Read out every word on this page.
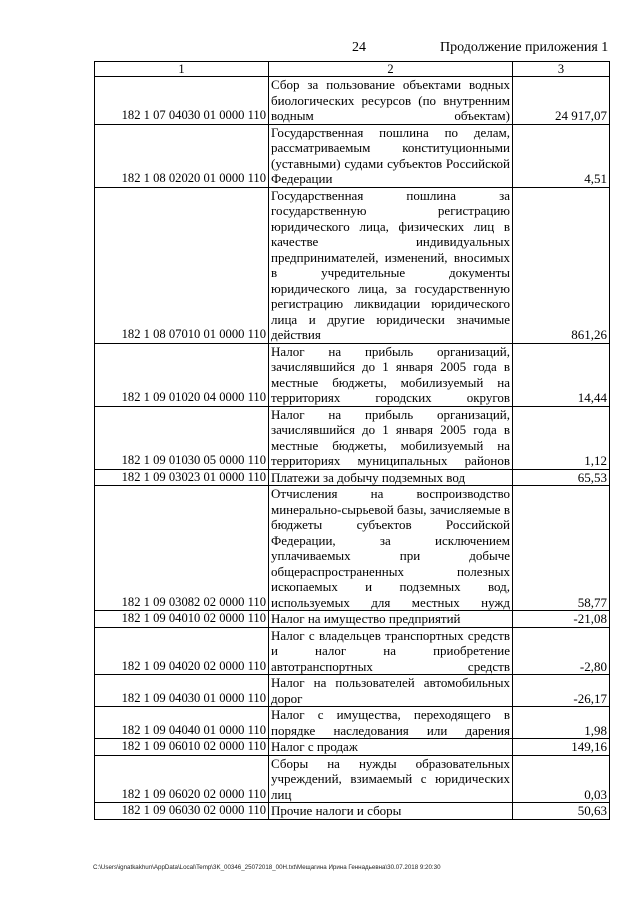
24	Продолжение приложения 1
1	2	3
182 1 07 04030 01 0000 110	Сбор за пользование объектами водных биологических ресурсов (по внутренним водным объектам)	24 917,07
182 1 08 02020 01 0000 110	Государственная пошлина по делам, рассматриваемым конституционными (уставными) судами субъектов Российской Федерации	4,51
182 1 08 07010 01 0000 110	Государственная пошлина за государственную регистрацию юридического лица, физических лиц в качестве индивидуальных предпринимателей, изменений, вносимых в учредительные документы юридического лица, за государственную регистрацию ликвидации юридического лица и другие юридически значимые действия	861,26
182 1 09 01020 04 0000 110	Налог на прибыль организаций, зачислявшийся до 1 января 2005 года в местные бюджеты, мобилизуемый на территориях городских округов	14,44
182 1 09 01030 05 0000 110	Налог на прибыль организаций, зачислявшийся до 1 января 2005 года в местные бюджеты, мобилизуемый на территориях муниципальных районов	1,12
182 1 09 03023 01 0000 110	Платежи за добычу подземных вод	65,53
182 1 09 03082 02 0000 110	Отчисления на воспроизводство минерально-сырьевой базы, зачисляемые в бюджеты субъектов Российской Федерации, за исключением уплачиваемых при добыче общераспространенных полезных ископаемых и подземных вод, используемых для местных нужд	58,77
182 1 09 04010 02 0000 110	Налог на имущество предприятий	-21,08
182 1 09 04020 02 0000 110	Налог с владельцев транспортных средств и налог на приобретение автотранспортных средств	-2,80
182 1 09 04030 01 0000 110	Налог на пользователей автомобильных дорог	-26,17
182 1 09 04040 01 0000 110	Налог с имущества, переходящего в порядке наследования или дарения	1,98
182 1 09 06010 02 0000 110	Налог с продаж	149,16
182 1 09 06020 02 0000 110	Сборы на нужды образовательных учреждений, взимаемый с юридических лиц	0,03
182 1 09 06030 02 0000 110	Прочие налоги и сборы	50,63
C:\Users\ignatkakhun\AppData\Local\Temp\3K_00346_25072018_00H.txt\Мещагина Ирина Геннадьевна\30.07.2018 9:20:30
